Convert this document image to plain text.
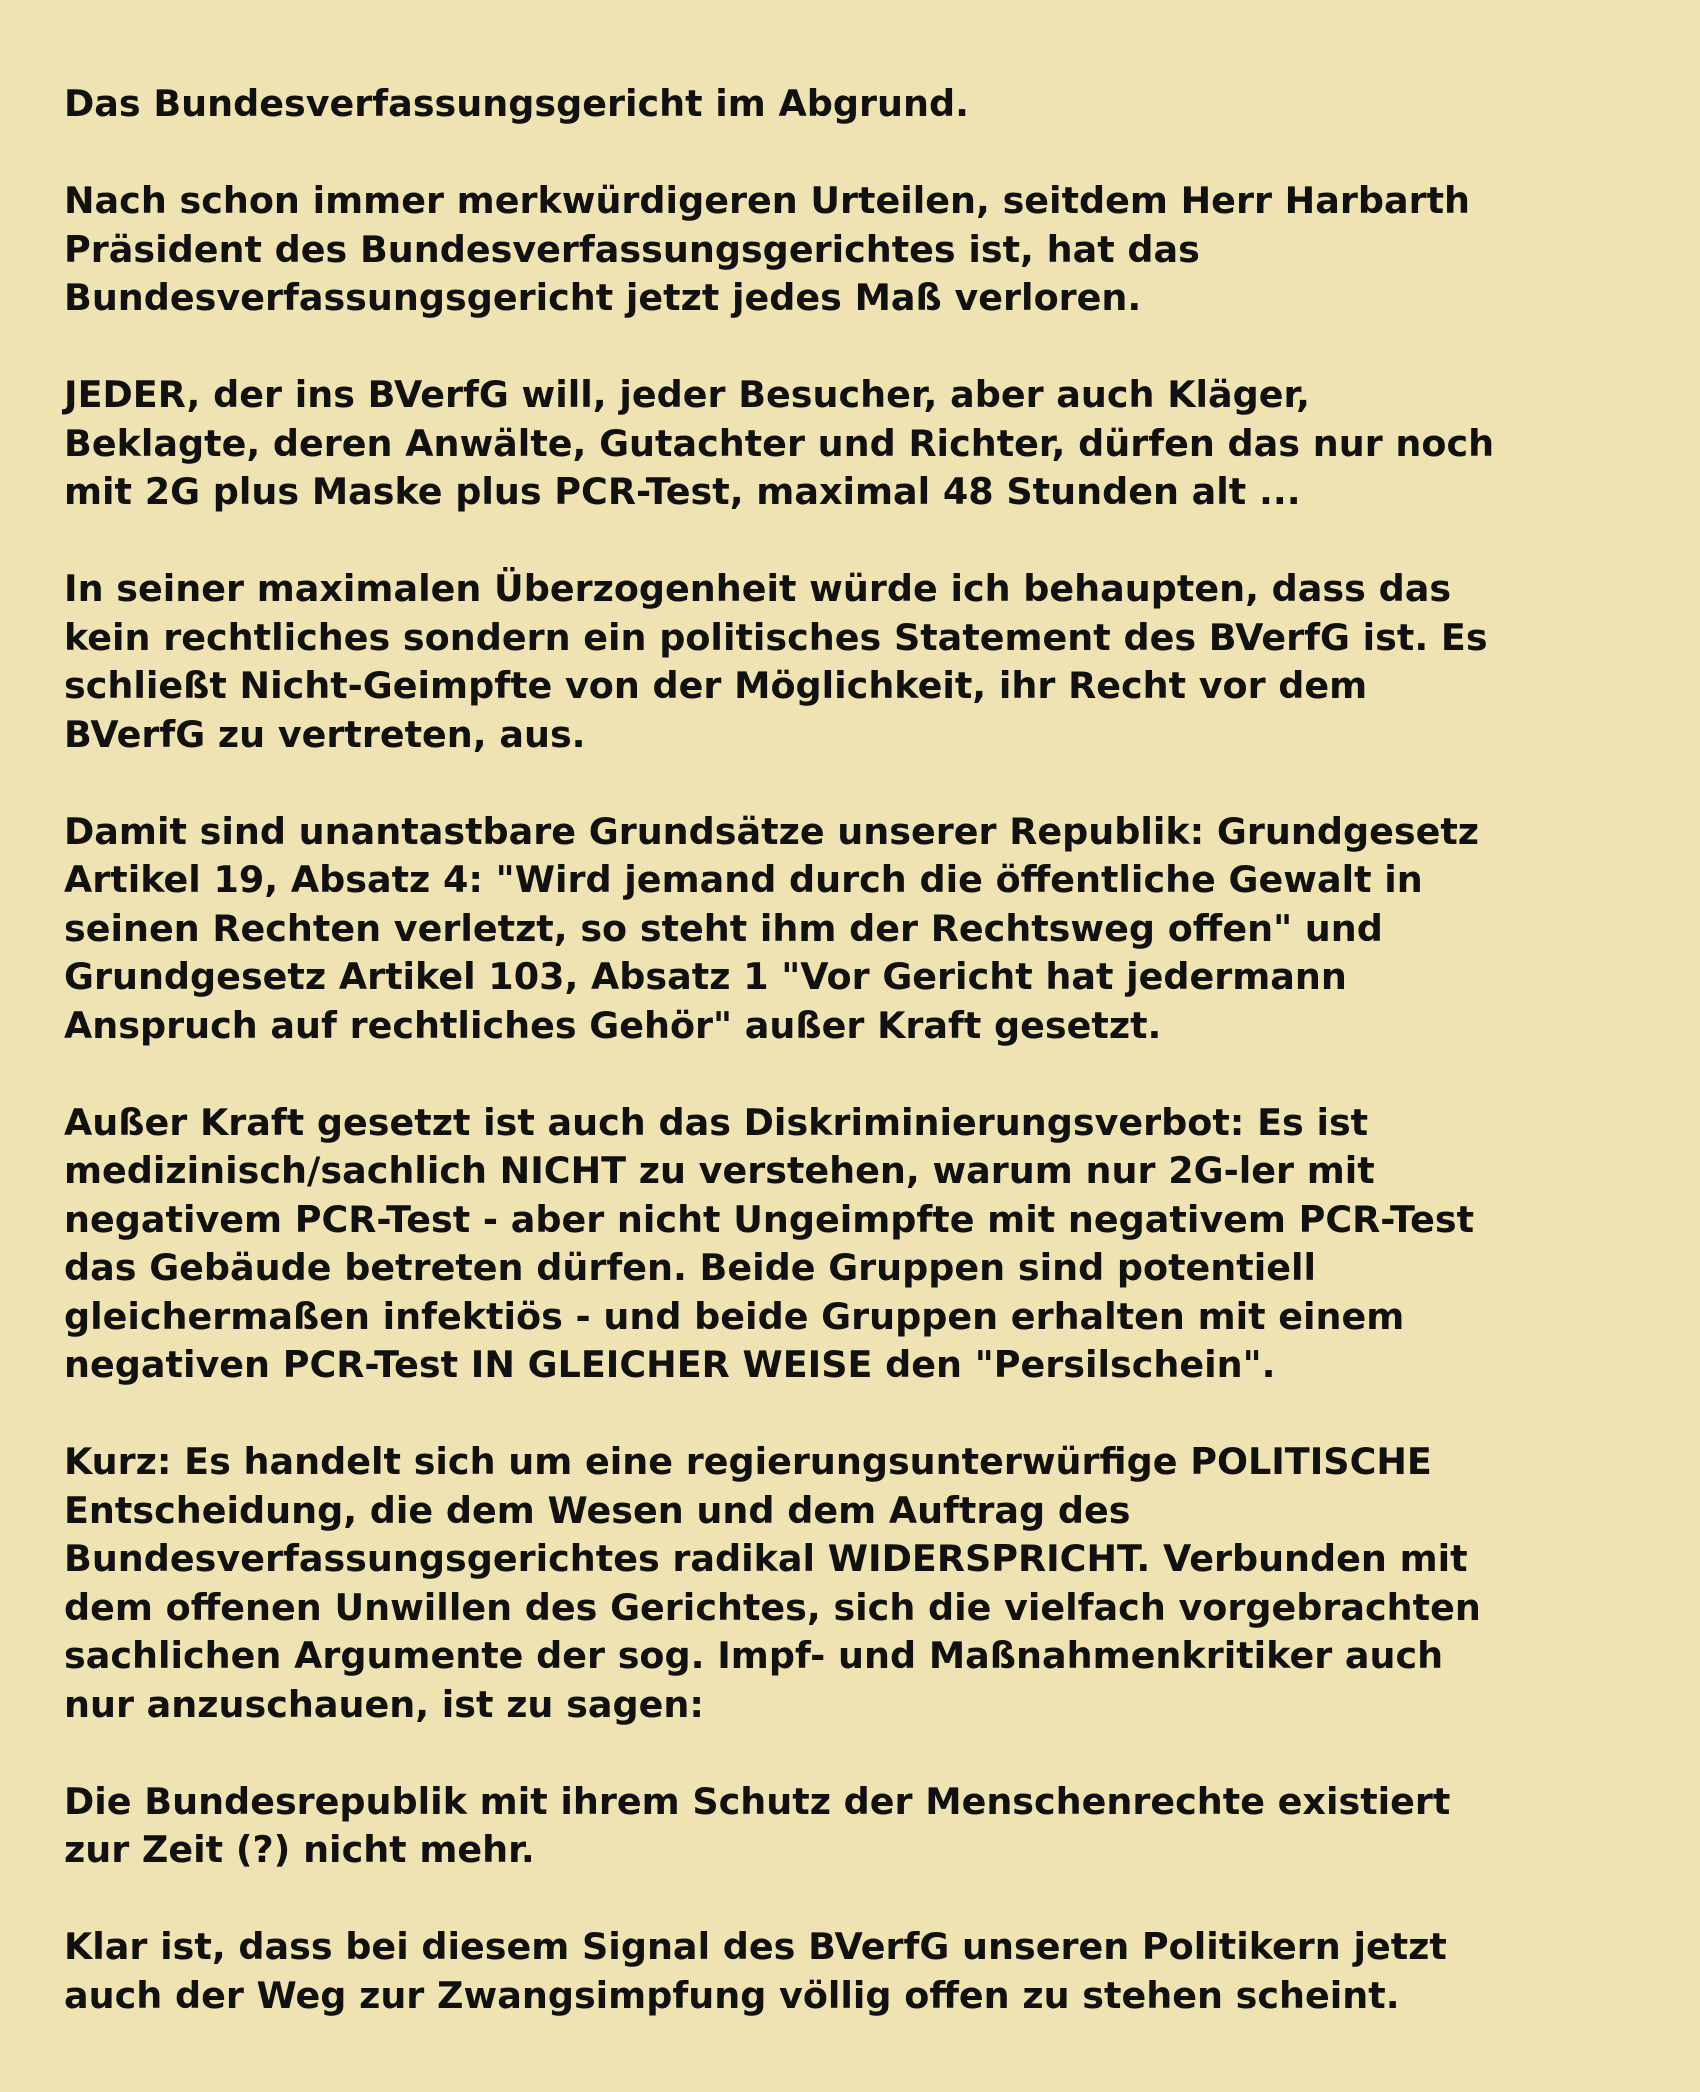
Das Bundesverfassungsgericht im Abgrund.
Nach schon immer merkwürdigeren Urteilen, seitdem Herr Harbarth
Präsident des Bundesverfassungsgerichtes ist, hat das
Bundesverfassungsgericht jetzt jedes Maß verloren.
JEDER, der ins BVerfG will, jeder Besucher, aber auch Kläger,
Beklagte, deren Anwälte, Gutachter und Richter, dürfen das nur noch
mit 2G plus Maske plus PCR-Test, maximal 48 Stunden alt ...
In seiner maximalen Überzogenheit würde ich behaupten, dass das
kein rechtliches sondern ein politisches Statement des BVerfG ist. Es
schließt Nicht-Geimpfte von der Möglichkeit, ihr Recht vor dem
BVerfG zu vertreten, aus.
Damit sind unantastbare Grundsätze unserer Republik: Grundgesetz
Artikel 19, Absatz 4: "Wird jemand durch die öffentliche Gewalt in
seinen Rechten verletzt, so steht ihm der Rechtsweg offen" und
Grundgesetz Artikel 103, Absatz 1 "Vor Gericht hat jedermann
Anspruch auf rechtliches Gehör" außer Kraft gesetzt.
Außer Kraft gesetzt ist auch das Diskriminierungsverbot: Es ist
medizinisch/sachlich NICHT zu verstehen, warum nur 2G-ler mit
negativem PCR-Test - aber nicht Ungeimpfte mit negativem PCR-Test
das Gebäude betreten dürfen. Beide Gruppen sind potentiell
gleichermaßen infektiös - und beide Gruppen erhalten mit einem
negativen PCR-Test IN GLEICHER WEISE den "Persilschein".
Kurz: Es handelt sich um eine regierungsunterwürfige POLITISCHE
Entscheidung, die dem Wesen und dem Auftrag des
Bundesverfassungsgerichtes radikal WIDERSPRICHT. Verbunden mit
dem offenen Unwillen des Gerichtes, sich die vielfach vorgebrachten
sachlichen Argumente der sog. Impf- und Maßnahmenkritiker auch
nur anzuschauen, ist zu sagen:
Die Bundesrepublik mit ihrem Schutz der Menschenrechte existiert
zur Zeit (?) nicht mehr.
Klar ist, dass bei diesem Signal des BVerfG unseren Politikern jetzt
auch der Weg zur Zwangsimpfung völlig offen zu stehen scheint.
